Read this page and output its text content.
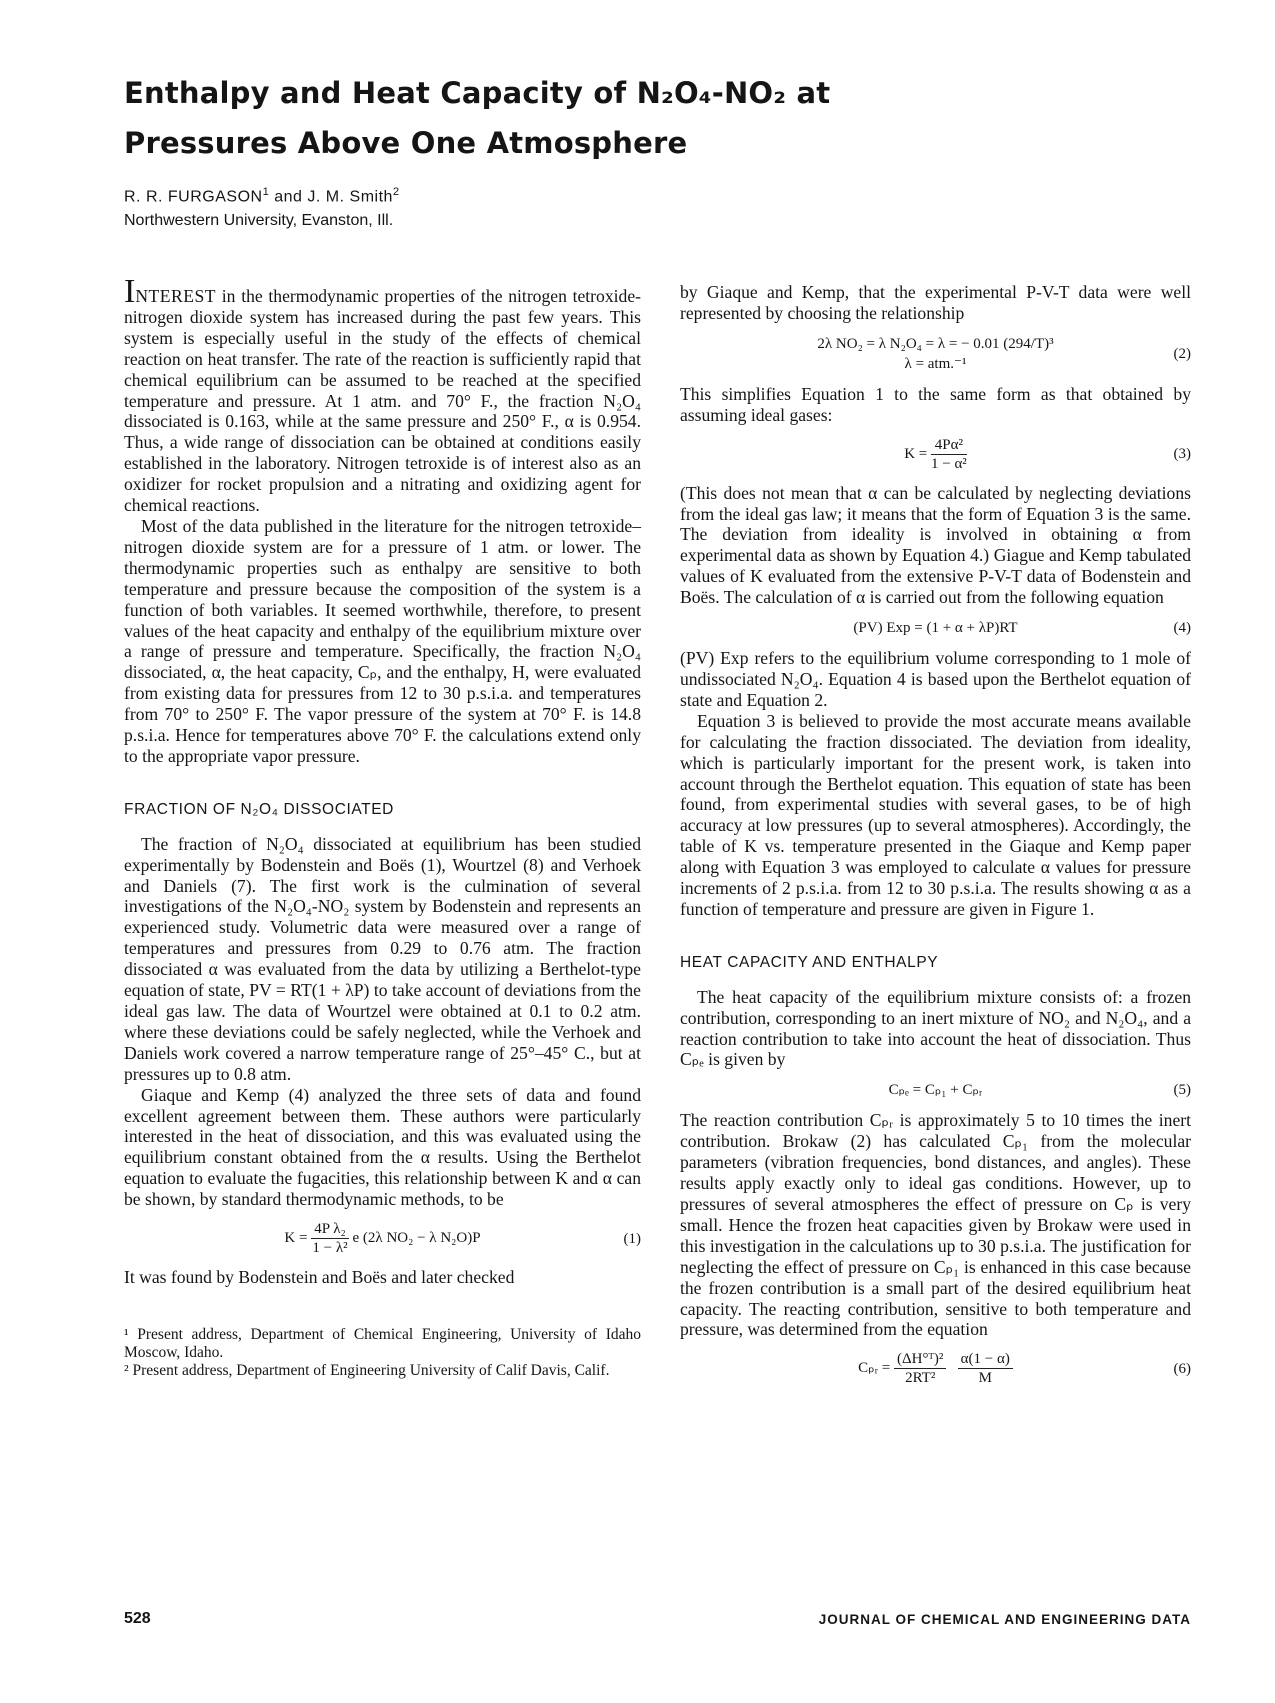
Enthalpy and Heat Capacity of N₂O₄-NO₂ at
Pressures Above One Atmosphere
R. R. FURGASON$^1$ and J. M. Smith$^2$
Northwestern University, Evanston, Ill.

INTEREST in the thermodynamic properties of the nitrogen tetroxide-nitrogen dioxide system has increased during the past few years. This system is especially useful in the study of the effects of chemical reaction on heat transfer. The rate of the reaction is sufficiently rapid that chemical equilibrium can be assumed to be reached at the specified temperature and pressure. At 1 atm. and 70° F., the fraction N₂O₄ dissociated is 0.163, while at the same pressure and 250° F., α is 0.954. Thus, a wide range of dissociation can be obtained at conditions easily established in the laboratory. Nitrogen tetroxide is of interest also as an oxidizer for rocket propulsion and a nitrating and oxidizing agent for chemical reactions.

Most of the data published in the literature for the nitrogen tetroxide–nitrogen dioxide system are for a pressure of 1 atm. or lower. The thermodynamic properties such as enthalpy are sensitive to both temperature and pressure because the composition of the system is a function of both variables. It seemed worthwhile, therefore, to present values of the heat capacity and enthalpy of the equilibrium mixture over a range of pressure and temperature. Specifically, the fraction N₂O₄ dissociated, α, the heat capacity, Cₚ, and the enthalpy, H, were evaluated from existing data for pressures from 12 to 30 p.s.i.a. and temperatures from 70° to 250° F. The vapor pressure of the system at 70° F. is 14.8 p.s.i.a. Hence for temperatures above 70° F. the calculations extend only to the appropriate vapor pressure.

FRACTION OF N₂O₄ DISSOCIATED

The fraction of N₂O₄ dissociated at equilibrium has been studied experimentally by Bodenstein and Boës (1), Wourtzel (8) and Verhoek and Daniels (7). The first work is the culmination of several investigations of the N₂O₄-NO₂ system by Bodenstein and represents an experienced study. Volumetric data were measured over a range of temperatures and pressures from 0.29 to 0.76 atm. The fraction dissociated α was evaluated from the data by utilizing a Berthelot-type equation of state, PV = RT(1 + λP) to take account of deviations from the ideal gas law. The data of Wourtzel were obtained at 0.1 to 0.2 atm. where these deviations could be safely neglected, while the Verhoek and Daniels work covered a narrow temperature range of 25°–45° C., but at pressures up to 0.8 atm.

Giaque and Kemp (4) analyzed the three sets of data and found excellent agreement between them. These authors were particularly interested in the heat of dissociation, and this was evaluated using the equilibrium constant obtained from the α results. Using the Berthelot equation to evaluate the fugacities, this relationship between K and α can be shown, by standard thermodynamic methods, to be

$K = \frac{\text{4P λ₂}}{\text{1 − λ²}}$ e (2λ NO₂ − λ N₂O)P	(1)

It was found by Bodenstein and Boës and later checked

¹ Present address, Department of Chemical Engineering, University of Idaho Moscow, Idaho.

² Present address, Department of Engineering University of Calif Davis, Calif.

by Giaque and Kemp, that the experimental P-V-T data were well represented by choosing the relationship

2λ NO₂ = λ N₂O₄ = λ = − 0.01 (294/T)³
λ = atm.⁻¹
(2)

This simplifies Equation 1 to the same form as that obtained by assuming ideal gases:

$K = \frac{\text{4Pα²}}{\text{1 − α²}}$	(3)

(This does not mean that α can be calculated by neglecting deviations from the ideal gas law; it means that the form of Equation 3 is the same. The deviation from ideality is involved in obtaining α from experimental data as shown by Equation 4.) Giague and Kemp tabulated values of K evaluated from the extensive P-V-T data of Bodenstein and Boës. The calculation of α is carried out from the following equation

(PV) Exp = (1 + α + λP)RT	(4)

(PV) Exp refers to the equilibrium volume corresponding to 1 mole of undissociated N₂O₄. Equation 4 is based upon the Berthelot equation of state and Equation 2.

Equation 3 is believed to provide the most accurate means available for calculating the fraction dissociated. The deviation from ideality, which is particularly important for the present work, is taken into account through the Berthelot equation. This equation of state has been found, from experimental studies with several gases, to be of high accuracy at low pressures (up to several atmospheres). Accordingly, the table of K vs. temperature presented in the Giaque and Kemp paper along with Equation 3 was employed to calculate α values for pressure increments of 2 p.s.i.a. from 12 to 30 p.s.i.a. The results showing α as a function of temperature and pressure are given in Figure 1.

HEAT CAPACITY AND ENTHALPY

The heat capacity of the equilibrium mixture consists of: a frozen contribution, corresponding to an inert mixture of NO₂ and N₂O₄, and a reaction contribution to take into account the heat of dissociation. Thus Cₚₑ is given by

Cₚₑ = Cₚ₁ + Cₚᵣ	(5)

The reaction contribution Cₚᵣ is approximately 5 to 10 times the inert contribution. Brokaw (2) has calculated Cₚ₁ from the molecular parameters (vibration frequencies, bond distances, and angles). These results apply exactly only to ideal gas conditions. However, up to pressures of several atmospheres the effect of pressure on Cₚ is very small. Hence the frozen heat capacities given by Brokaw were used in this investigation in the calculations up to 30 p.s.i.a. The justification for neglecting the effect of pressure on Cₚ₁ is enhanced in this case because the frozen contribution is a small part of the desired equilibrium heat capacity. The reacting contribution, sensitive to both temperature and pressure, was determined from the equation

Cₚᵣ = $\frac{\text{(ΔH°ᵀ)²}}{\text{2RT²}}$
$\frac{\alpha(1 - \alpha)}{M}$	(6)
528	JOURNAL OF CHEMICAL AND ENGINEERING DATA
